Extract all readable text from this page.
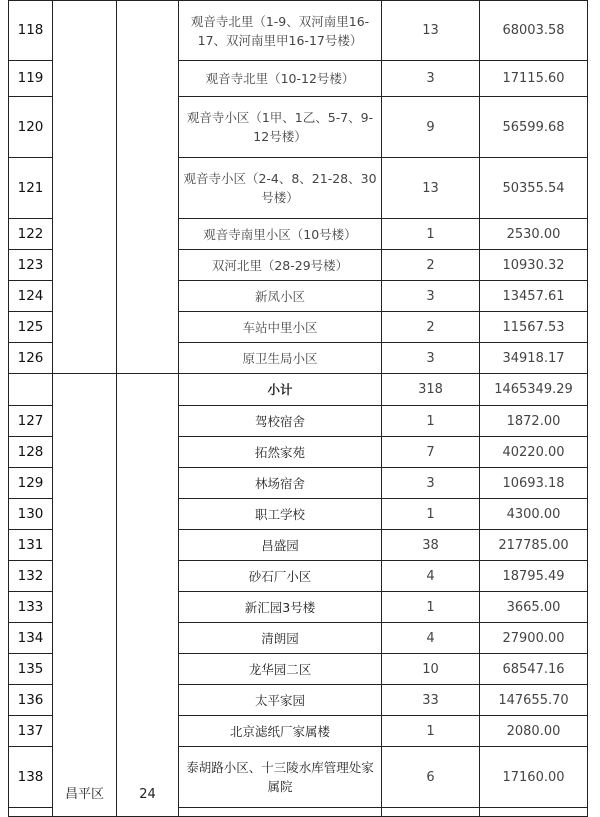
118			观音寺北里（1-9、双河南里16-17、双河南里甲16-17号楼）	13	68003.58
119			观音寺北里（10-12号楼）	3	17115.60
120			观音寺小区（1甲、1乙、5-7、9-12号楼）	9	56599.68
121			观音寺小区（2-4、8、21-28、30号楼）	13	50355.54
122			观音寺南里小区（10号楼）	1	2530.00
123			双河北里（28-29号楼）	2	10930.32
124			新凤小区	3	13457.61
125			车站中里小区	2	11567.53
126			原卫生局小区	3	34918.17
	昌平区	24	小计	318	1465349.29
127			驾校宿舍	1	1872.00
128			拓然家苑	7	40220.00
129			林场宿舍	3	10693.18
130			职工学校	1	4300.00
131			昌盛园	38	217785.00
132			砂石厂小区	4	18795.49
133			新汇园3号楼	1	3665.00
134			清朗园	4	27900.00
135			龙华园二区	10	68547.16
136			太平家园	33	147655.70
137			北京滤纸厂家属楼	1	2080.00
138			泰胡路小区、十三陵水库管理处家属院	6	17160.00
